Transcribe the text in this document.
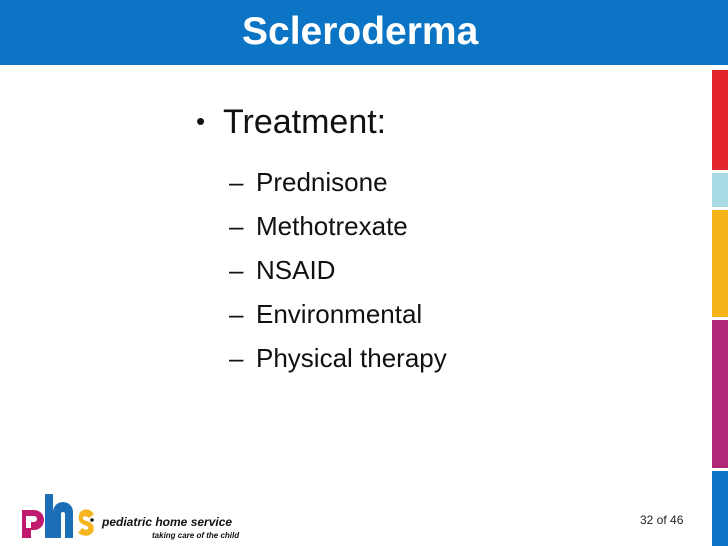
Scleroderma
• Treatment:
– Prednisone
– Methotrexate
– NSAID
– Environmental
– Physical therapy
pediatric home service
taking care of the child
32 of 46
